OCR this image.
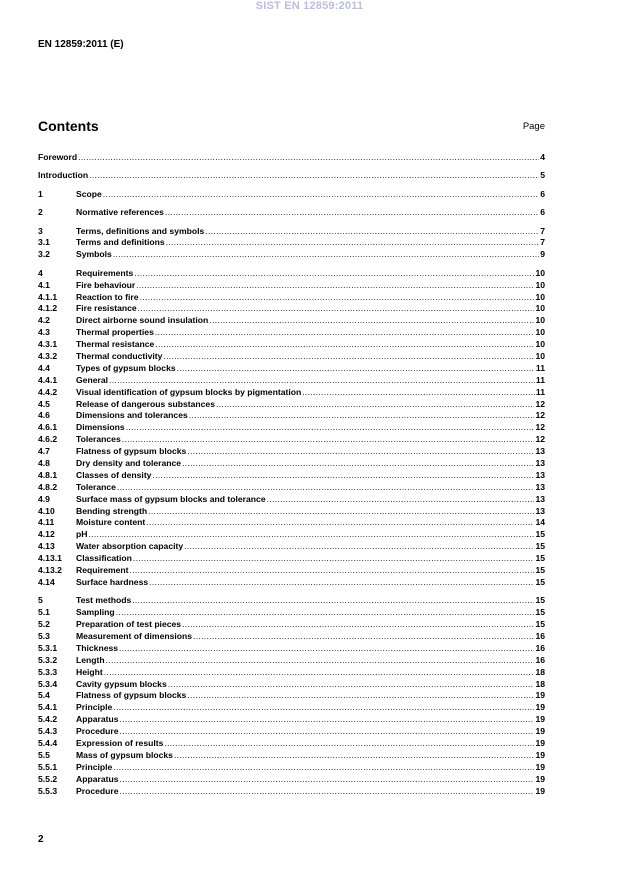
SIST EN 12859:2011
EN 12859:2011 (E)
Contents	Page
Foreword .....	4
Introduction .....	5
1	Scope .....	6
2	Normative references .....	6
3	Terms, definitions and symbols .....	7
3.1	Terms and definitions .....	7
3.2	Symbols .....	9
4	Requirements .....	10
4.1	Fire behaviour .....	10
4.1.1	Reaction to fire .....	10
4.1.2	Fire resistance .....	10
4.2	Direct airborne sound insulation .....	10
4.3	Thermal properties .....	10
4.3.1	Thermal resistance .....	10
4.3.2	Thermal conductivity .....	10
4.4	Types of gypsum blocks .....	11
4.4.1	General .....	11
4.4.2	Visual identification of gypsum blocks by pigmentation .....	11
4.5	Release of dangerous substances .....	12
4.6	Dimensions and tolerances .....	12
4.6.1	Dimensions .....	12
4.6.2	Tolerances .....	12
4.7	Flatness of gypsum blocks .....	13
4.8	Dry density and tolerance .....	13
4.8.1	Classes of density .....	13
4.8.2	Tolerance .....	13
4.9	Surface mass of gypsum blocks and tolerance .....	13
4.10	Bending strength .....	13
4.11	Moisture content .....	14
4.12	pH .....	15
4.13	Water absorption capacity .....	15
4.13.1	Classification .....	15
4.13.2	Requirement .....	15
4.14	Surface hardness .....	15
5	Test methods .....	15
5.1	Sampling .....	15
5.2	Preparation of test pieces .....	15
5.3	Measurement of dimensions .....	16
5.3.1	Thickness .....	16
5.3.2	Length .....	16
5.3.3	Height .....	18
5.3.4	Cavity gypsum blocks .....	18
5.4	Flatness of gypsum blocks .....	19
5.4.1	Principle .....	19
5.4.2	Apparatus .....	19
5.4.3	Procedure .....	19
5.4.4	Expression of results .....	19
5.5	Mass of gypsum blocks .....	19
5.5.1	Principle .....	19
5.5.2	Apparatus .....	19
5.5.3	Procedure .....	19
2
